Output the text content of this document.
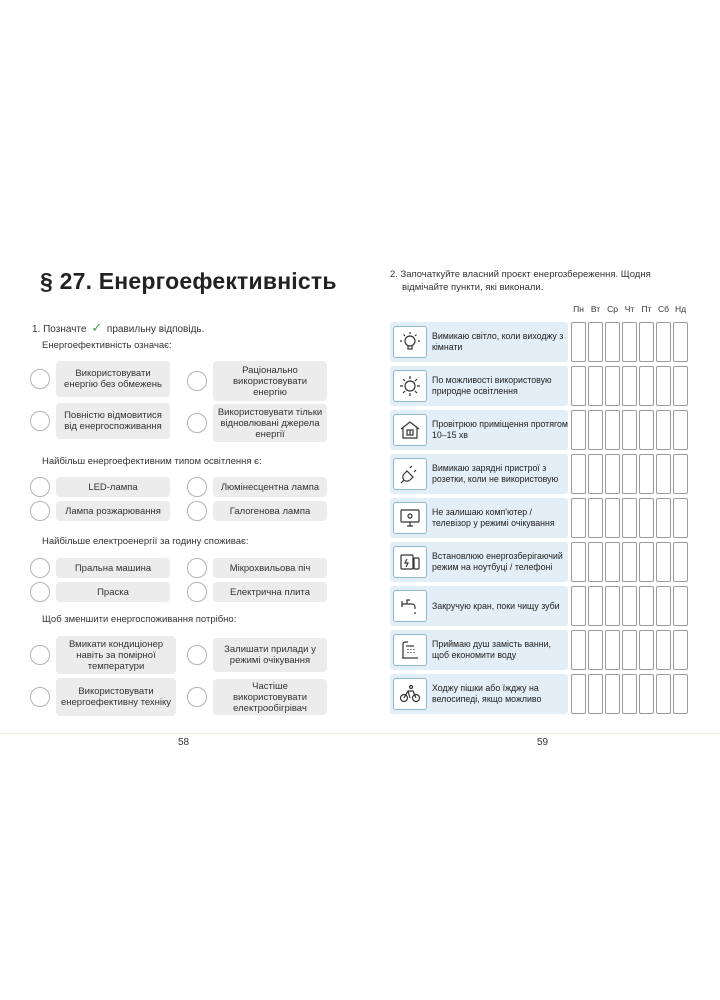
§ 27. Енергоефективність
1. Позначте ✓ правильну відповідь.
Енергоефективність означає:
Використовувати енергію без обмежень
Раціонально використовувати енергію
Повністю відмовитися від енергоспоживання
Використовувати тільки відновлювані джерела енергії
Найбільш енергоефективним типом освітлення є:
LED-лампа	Люмінесцентна лампа
Лампа розжарювання	Галогенова лампа
Найбільше електроенергії за годину споживає:
Пральна машина	Мікрохвильова піч
Праска	Електрична плита
Щоб зменшити енергоспоживання потрібно:
Вмикати кондиціонер навіть за помірної температури
Залишати прилади у режимі очікування
Використовувати енергоефективну техніку
Частіше використовувати електрообігрівач
58
2. Започаткуйте власний проєкт енергозбереження. Щодня
відмічайте пункти, які виконали.
Пн Вт Ср Чт Пт Сб Нд
Вимикаю світло, коли виходжу з кімнати
По можливості використовую природне освітлення
Провітрюю приміщення протягом 10–15 хв
Вимикаю зарядні пристрої з розетки, коли не використовую
Не залишаю комп'ютер / телевізор у режимі очікування
Встановлюю енергозберігаючий режим на ноутбуці / телефоні
Закручую кран, поки чищу зуби
Приймаю душ замість ванни, щоб економити воду
Ходжу пішки або їжджу на велосипеді, якщо можливо
59
